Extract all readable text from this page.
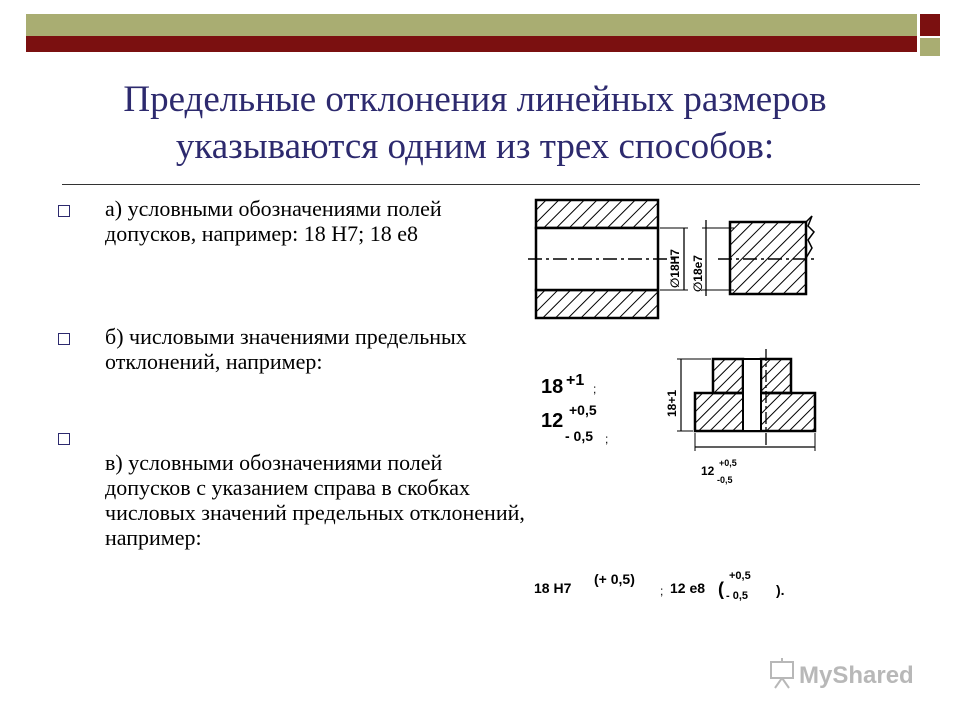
Предельные отклонения линейных размеров указываются одним из трех способов:
а) условными обозначениями полей допусков, например: 18 H7; 18 e8
б) числовыми значениями предельных отклонений, например:
в) условными обозначениями полей допусков с указанием справа в скобках числовых значений предельных отклонений, например:
∅18H7 ∅18e7
18 +1 ;
12 +0,5
- 0,5 ;
18+1
12
+0,5
-0,5
18 H7
(+ 0,5)
; 12 e8 (
+0,5
- 0,5 ).
MyShared
